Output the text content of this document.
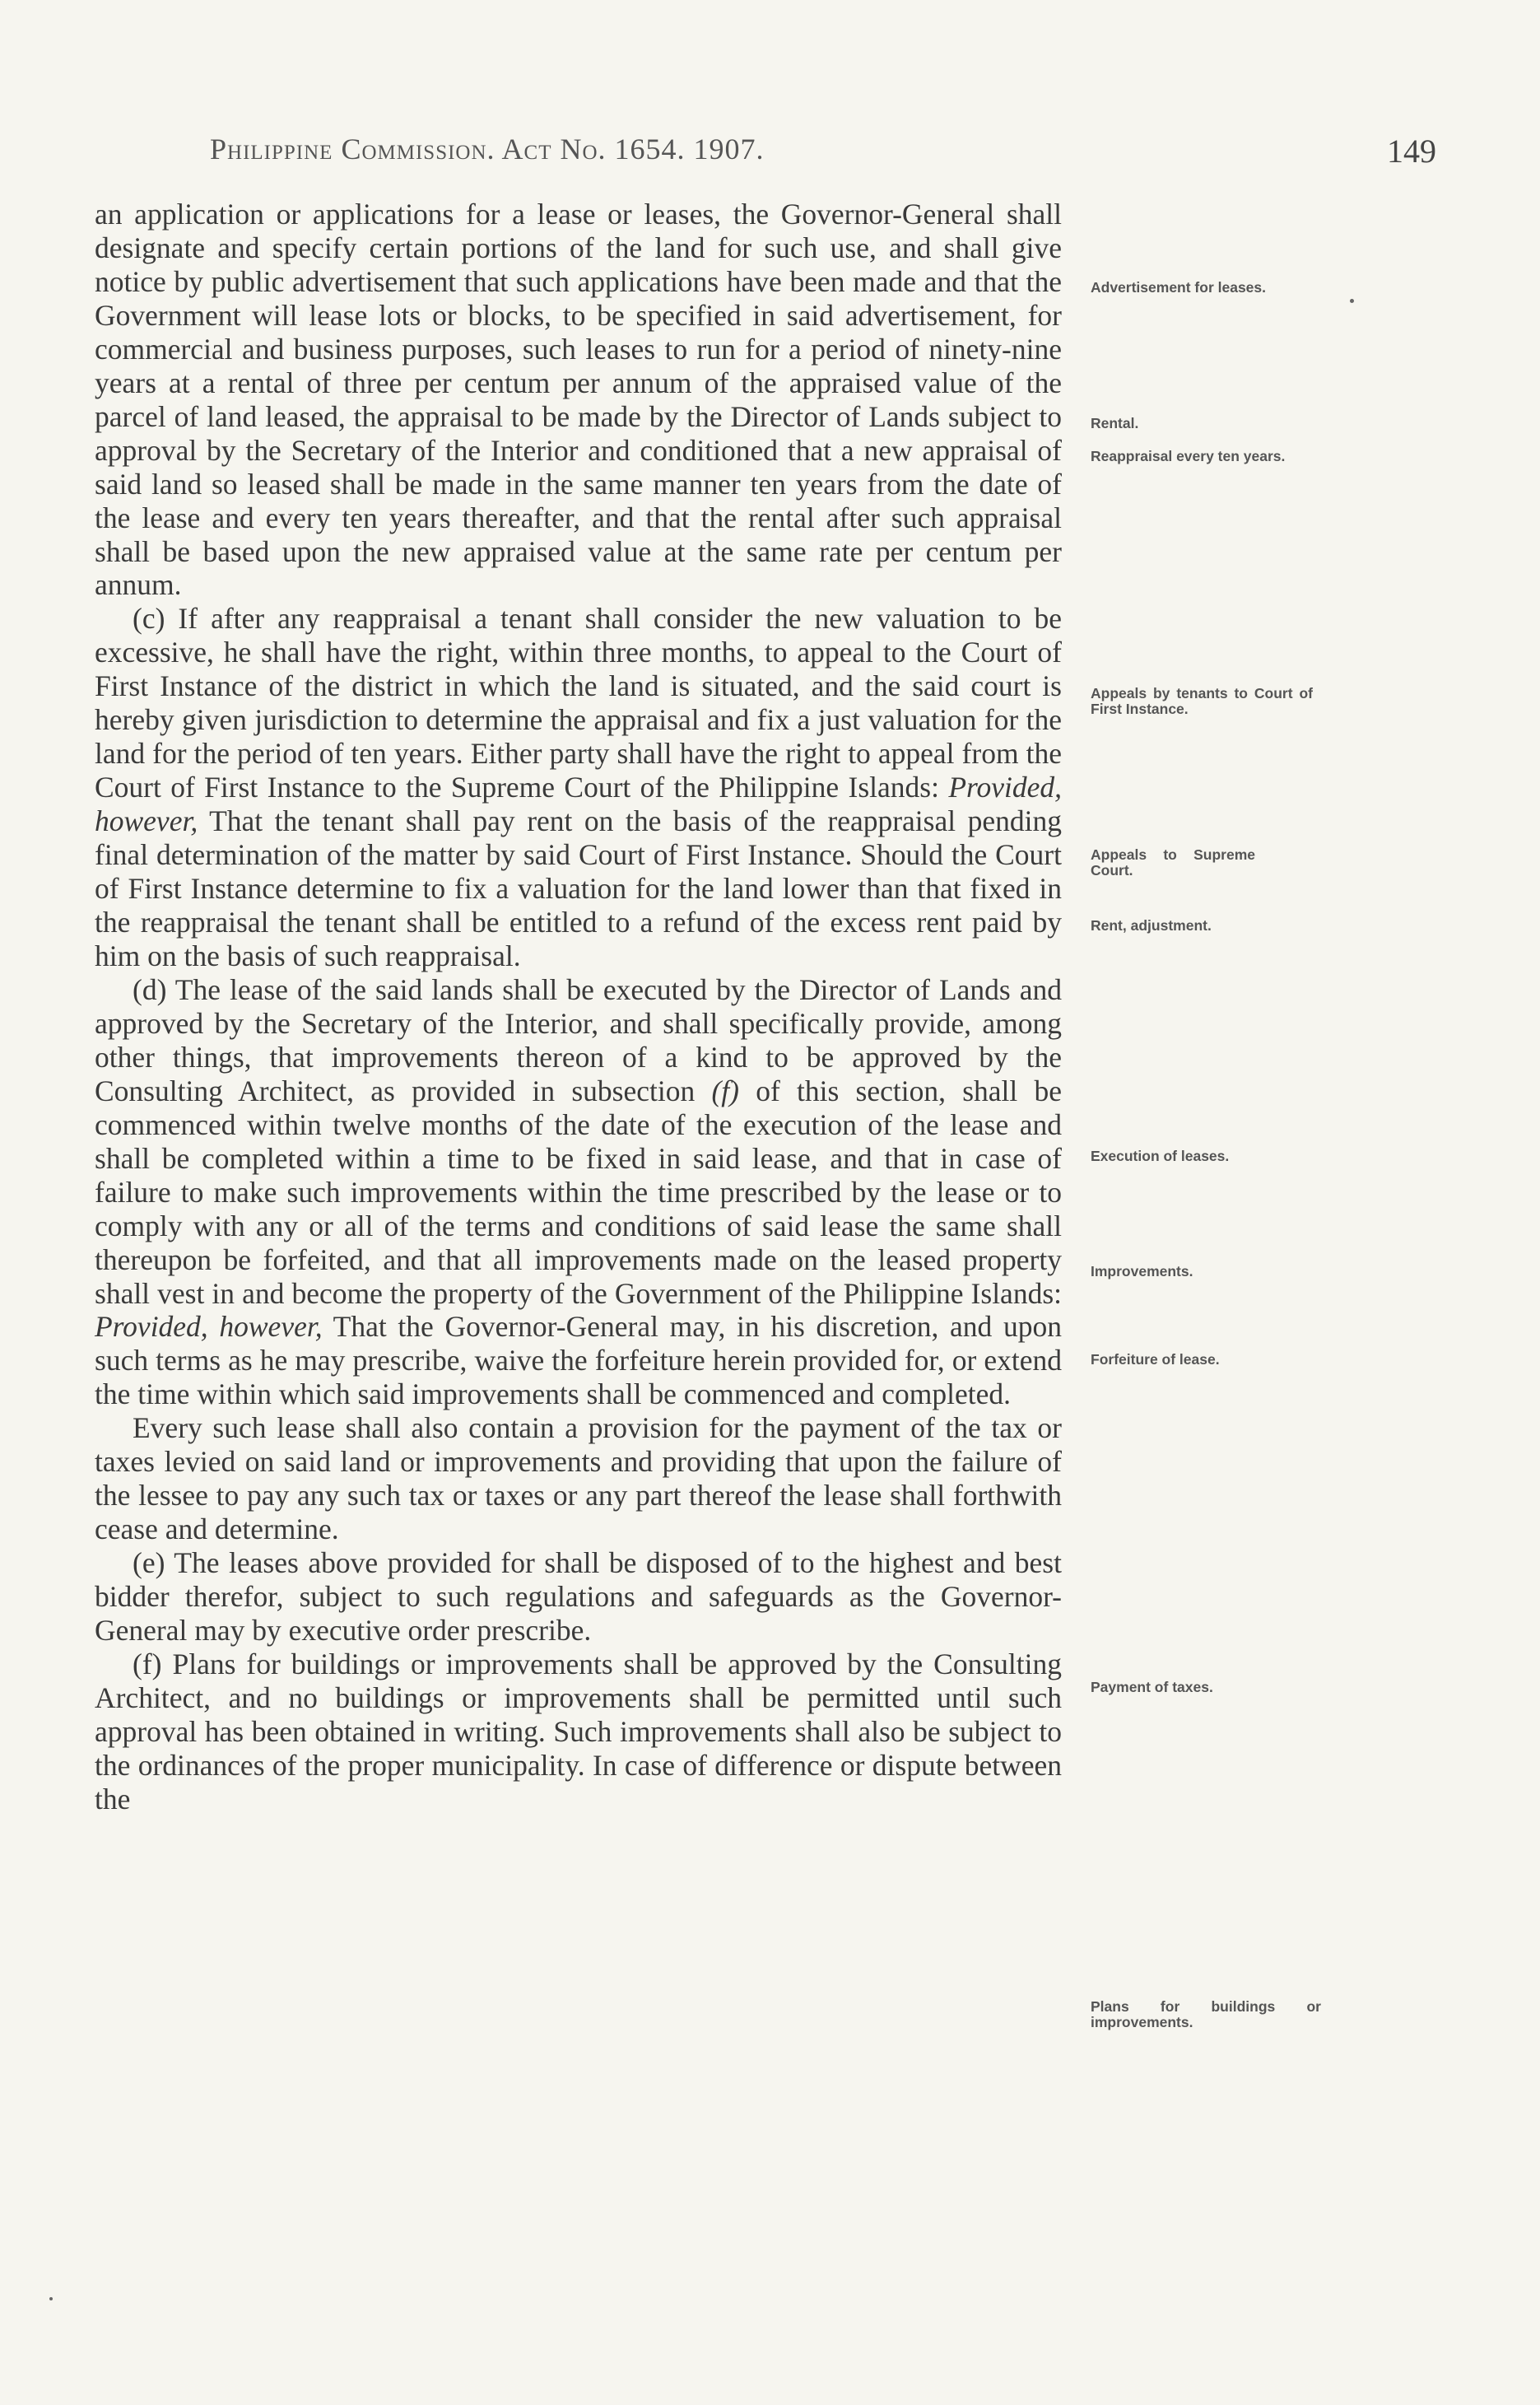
Philippine Commission. Act No. 1654. 1907.	149

an application or applications for a lease or leases, the Governor-General shall designate and specify certain portions of the land for such use, and shall give notice by public advertisement that such applications have been made and that the Government will lease lots or blocks, to be specified in said advertisement, for commercial and business purposes, such leases to run for a period of ninety-nine years at a rental of three per centum per annum of the appraised value of the parcel of land leased, the appraisal to be made by the Director of Lands subject to approval by the Secretary of the Interior and conditioned that a new appraisal of said land so leased shall be made in the same manner ten years from the date of the lease and every ten years thereafter, and that the rental after such appraisal shall be based upon the new appraised value at the same rate per centum per annum.

(c) If after any reappraisal a tenant shall consider the new valuation to be excessive, he shall have the right, within three months, to appeal to the Court of First Instance of the district in which the land is situated, and the said court is hereby given jurisdiction to determine the appraisal and fix a just valuation for the land for the period of ten years. Either party shall have the right to appeal from the Court of First Instance to the Supreme Court of the Philippine Islands: Provided, however, That the tenant shall pay rent on the basis of the reappraisal pending final determination of the matter by said Court of First Instance. Should the Court of First Instance determine to fix a valuation for the land lower than that fixed in the reappraisal the tenant shall be entitled to a refund of the excess rent paid by him on the basis of such reappraisal.

(d) The lease of the said lands shall be executed by the Director of Lands and approved by the Secretary of the Interior, and shall specifically provide, among other things, that improvements thereon of a kind to be approved by the Consulting Architect, as provided in subsection (f) of this section, shall be commenced within twelve months of the date of the execution of the lease and shall be completed within a time to be fixed in said lease, and that in case of failure to make such improvements within the time prescribed by the lease or to comply with any or all of the terms and conditions of said lease the same shall thereupon be forfeited, and that all improvements made on the leased property shall vest in and become the property of the Government of the Philippine Islands: Provided, however, That the Governor-General may, in his discretion, and upon such terms as he may prescribe, waive the forfeiture herein provided for, or extend the time within which said improvements shall be commenced and completed.

Every such lease shall also contain a provision for the payment of the tax or taxes levied on said land or improvements and providing that upon the failure of the lessee to pay any such tax or taxes or any part thereof the lease shall forthwith cease and determine.

(e) The leases above provided for shall be disposed of to the highest and best bidder therefor, subject to such regulations and safeguards as the Governor-General may by executive order prescribe.

(f) Plans for buildings or improvements shall be approved by the Consulting Architect, and no buildings or improvements shall be permitted until such approval has been obtained in writing. Such improvements shall also be subject to the ordinances of the proper municipality. In case of difference or dispute between the

Advertisement for leases.
Rental.
Reappraisal every ten years.
Appeals by tenants to Court of First Instance.
Appeals to Supreme Court.
Rent, adjustment.
Execution of leases.
Improvements.
Forfeiture of lease.
Payment of taxes.
Plans for buildings or improvements.
